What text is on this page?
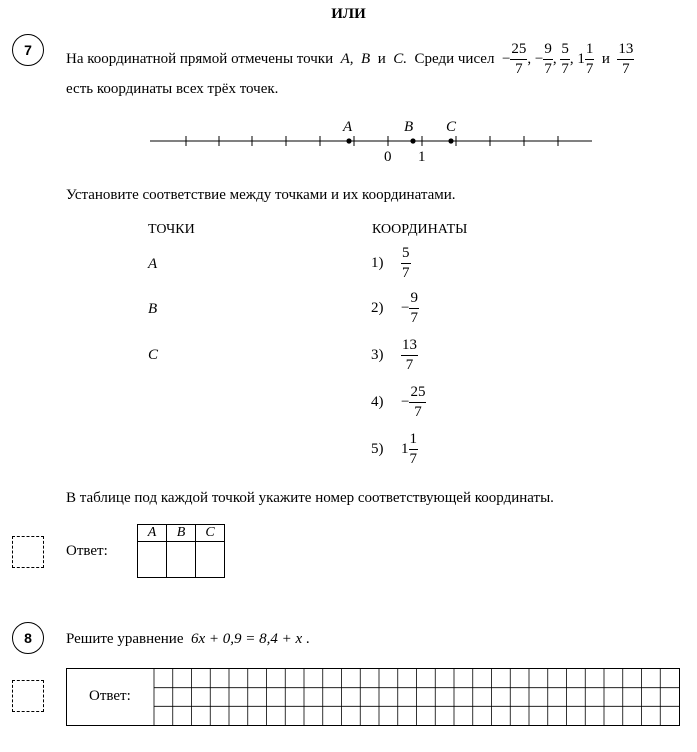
ИЛИ
7
На координатной прямой отмечены точки A, B и C. Среди чисел − $\frac{25}{7}$ , − $\frac{9}{7}$ , $\frac{5}{7}$ , $1 \frac{1}{7}$ и $\frac{13}{7}$
есть координаты всех трёх точек.
A	B C
0 1
Установите соответствие между точками и их координатами.
ТОЧКИ	КООРДИНАТЫ
A
B
C
$1) \frac{5}{7}$
$2) - \frac{9}{7}$
$3) \frac{13}{7}$
$4) - \frac{25}{7}$
5) $1 \frac{1}{7}$
В таблице под каждой точкой укажите номер соответствующей координаты.
Ответ:
A	B	C

8	Решите уравнение 6x + 0,9 = 8,4 + x .
Ответ:
